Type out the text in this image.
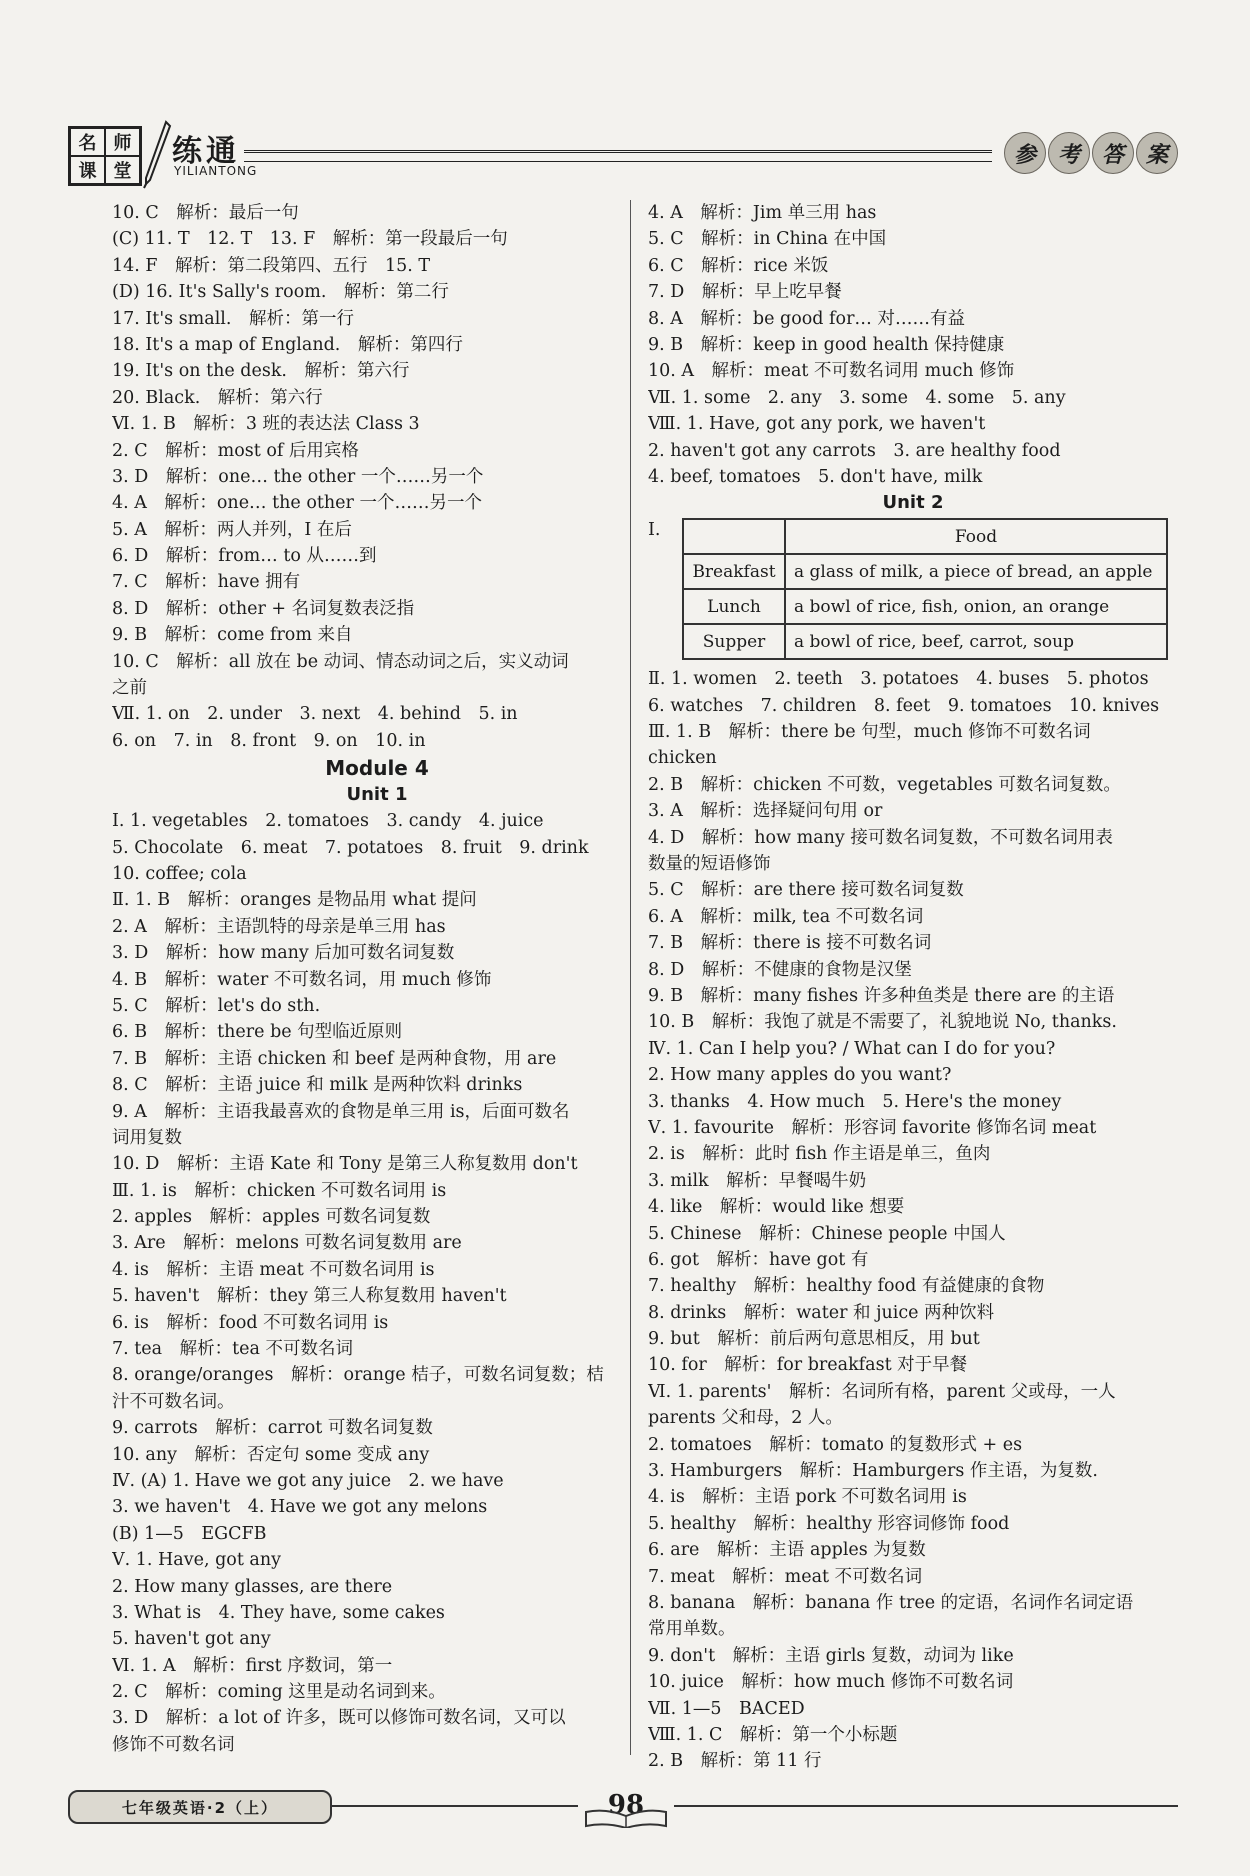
名 师
课 堂
练通
YILIANTONG
参 考 答 案
10. C　解析：最后一句
(C) 11. T　12. T　13. F　解析：第一段最后一句
14. F　解析：第二段第四、五行　15. T
(D) 16. It's Sally's room.　解析：第二行
17. It's small.　解析：第一行
18. It's a map of England.　解析：第四行
19. It's on the desk.　解析：第六行
20. Black.　解析：第六行
Ⅵ. 1. B　解析：3 班的表达法 Class 3
2. C　解析：most of 后用宾格
3. D　解析：one… the other 一个……另一个
4. A　解析：one… the other 一个……另一个
5. A　解析：两人并列，I 在后
6. D　解析：from… to 从……到
7. C　解析：have 拥有
8. D　解析：other + 名词复数表泛指
9. B　解析：come from 来自
10. C　解析：all 放在 be 动词、情态动词之后，实义动词
之前
Ⅶ. 1. on　2. under　3. next　4. behind　5. in
6. on　7. in　8. front　9. on　10. in
Module 4
Unit 1
Ⅰ. 1. vegetables　2. tomatoes　3. candy　4. juice
5. Chocolate　6. meat　7. potatoes　8. fruit　9. drink
10. coffee; cola
Ⅱ. 1. B　解析：oranges 是物品用 what 提问
2. A　解析：主语凯特的母亲是单三用 has
3. D　解析：how many 后加可数名词复数
4. B　解析：water 不可数名词，用 much 修饰
5. C　解析：let's do sth.
6. B　解析：there be 句型临近原则
7. B　解析：主语 chicken 和 beef 是两种食物，用 are
8. C　解析：主语 juice 和 milk 是两种饮料 drinks
9. A　解析：主语我最喜欢的食物是单三用 is，后面可数名
词用复数
10. D　解析：主语 Kate 和 Tony 是第三人称复数用 don't
Ⅲ. 1. is　解析：chicken 不可数名词用 is
2. apples　解析：apples 可数名词复数
3. Are　解析：melons 可数名词复数用 are
4. is　解析：主语 meat 不可数名词用 is
5. haven't　解析：they 第三人称复数用 haven't
6. is　解析：food 不可数名词用 is
7. tea　解析：tea 不可数名词
8. orange/oranges　解析：orange 桔子，可数名词复数；桔
汁不可数名词。
9. carrots　解析：carrot 可数名词复数
10. any　解析：否定句 some 变成 any
Ⅳ. (A) 1. Have we got any juice　2. we have
3. we haven't　4. Have we got any melons
(B) 1—5　EGCFB
Ⅴ. 1. Have, got any
2. How many glasses, are there
3. What is　4. They have, some cakes
5. haven't got any
Ⅵ. 1. A　解析：first 序数词，第一
2. C　解析：coming 这里是动名词到来。
3. D　解析：a lot of 许多，既可以修饰可数名词，又可以
修饰不可数名词
4. A　解析：Jim 单三用 has
5. C　解析：in China 在中国
6. C　解析：rice 米饭
7. D　解析：早上吃早餐
8. A　解析：be good for… 对……有益
9. B　解析：keep in good health 保持健康
10. A　解析：meat 不可数名词用 much 修饰
Ⅶ. 1. some　2. any　3. some　4. some　5. any
Ⅷ. 1. Have, got any pork, we haven't
2. haven't got any carrots　3. are healthy food
4. beef, tomatoes　5. don't have, milk
Unit 2
Ⅰ.
		Food
Breakfast	a glass of milk, a piece of bread, an apple
Lunch	a bowl of rice, fish, onion, an orange
Supper	a bowl of rice, beef, carrot, soup
Ⅱ. 1. women　2. teeth　3. potatoes　4. buses　5. photos
6. watches　7. children　8. feet　9. tomatoes　10. knives
Ⅲ. 1. B　解析：there be 句型，much 修饰不可数名词
chicken
2. B　解析：chicken 不可数，vegetables 可数名词复数。
3. A　解析：选择疑问句用 or
4. D　解析：how many 接可数名词复数，不可数名词用表
数量的短语修饰
5. C　解析：are there 接可数名词复数
6. A　解析：milk, tea 不可数名词
7. B　解析：there is 接不可数名词
8. D　解析：不健康的食物是汉堡
9. B　解析：many fishes 许多种鱼类是 there are 的主语
10. B　解析：我饱了就是不需要了，礼貌地说 No, thanks.
Ⅳ. 1. Can I help you? / What can I do for you?
2. How many apples do you want?
3. thanks　4. How much　5. Here's the money
Ⅴ. 1. favourite　解析：形容词 favorite 修饰名词 meat
2. is　解析：此时 fish 作主语是单三，鱼肉
3. milk　解析：早餐喝牛奶
4. like　解析：would like 想要
5. Chinese　解析：Chinese people 中国人
6. got　解析：have got 有
7. healthy　解析：healthy food 有益健康的食物
8. drinks　解析：water 和 juice 两种饮料
9. but　解析：前后两句意思相反，用 but
10. for　解析：for breakfast 对于早餐
Ⅵ. 1. parents'　解析：名词所有格，parent 父或母，一人
parents 父和母，2 人。
2. tomatoes　解析：tomato 的复数形式 + es
3. Hamburgers　解析：Hamburgers 作主语，为复数.
4. is　解析：主语 pork 不可数名词用 is
5. healthy　解析：healthy 形容词修饰 food
6. are　解析：主语 apples 为复数
7. meat　解析：meat 不可数名词
8. banana　解析：banana 作 tree 的定语，名词作名词定语
常用单数。
9. don't　解析：主语 girls 复数，动词为 like
10. juice　解析：how much 修饰不可数名词
Ⅶ. 1—5　BACED
Ⅷ. 1. C　解析：第一个小标题
2. B　解析：第 11 行
七年级英语·2（上）	98
